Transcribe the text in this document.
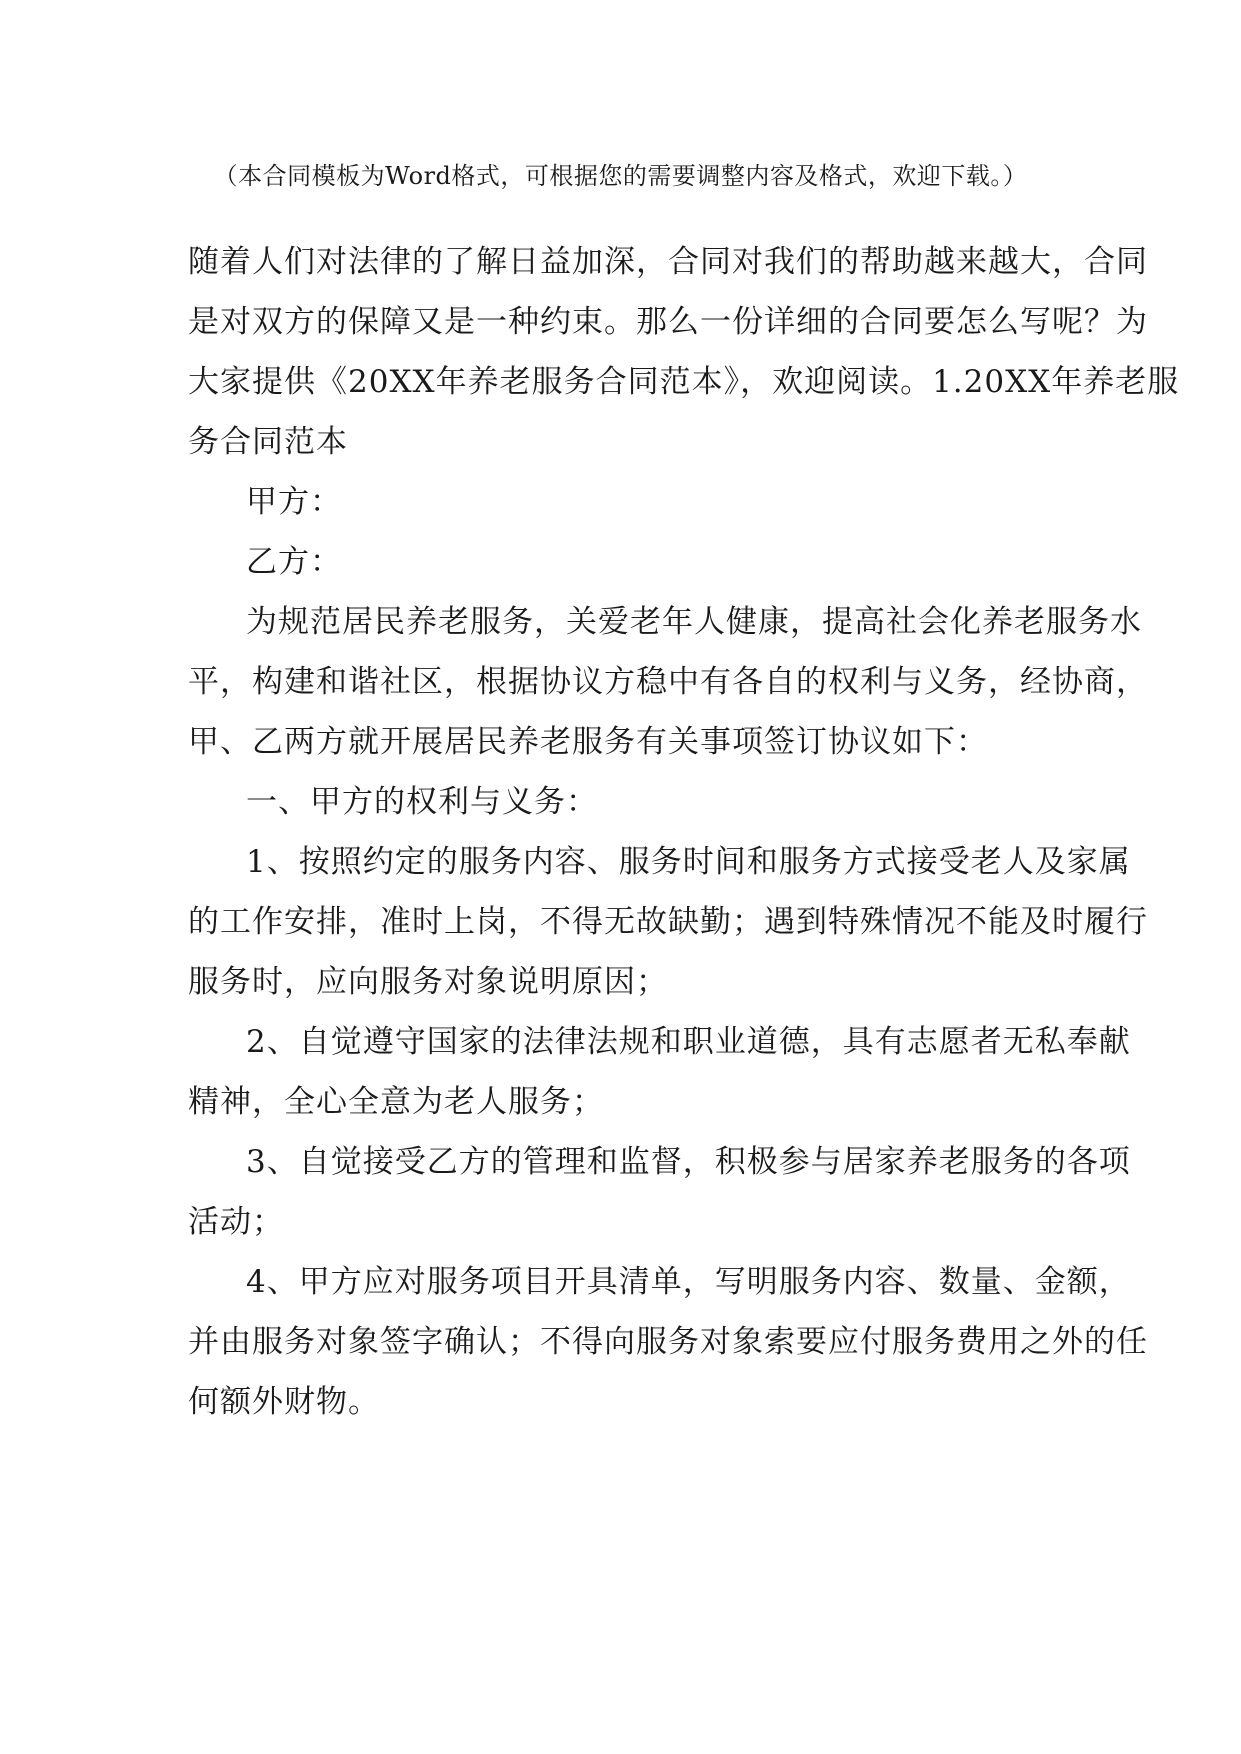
（本合同模板为Word格式，可根据您的需要调整内容及格式，欢迎下载。）
随着人们对法律的了解日益加深，合同对我们的帮助越来越大，合同
是对双方的保障又是一种约束。那么一份详细的合同要怎么写呢？为
大家提供《20XX年养老服务合同范本》，欢迎阅读。1.20XX年养老服
务合同范本
甲方：
乙方：
为规范居民养老服务，关爱老年人健康，提高社会化养老服务水
平，构建和谐社区，根据协议方稳中有各自的权利与义务，经协商，
甲、乙两方就开展居民养老服务有关事项签订协议如下：
一、甲方的权利与义务：
1、按照约定的服务内容、服务时间和服务方式接受老人及家属
的工作安排，准时上岗，不得无故缺勤；遇到特殊情况不能及时履行
服务时，应向服务对象说明原因；
2、自觉遵守国家的法律法规和职业道德，具有志愿者无私奉献
精神，全心全意为老人服务；
3、自觉接受乙方的管理和监督，积极参与居家养老服务的各项
活动；
4、甲方应对服务项目开具清单，写明服务内容、数量、金额，
并由服务对象签字确认；不得向服务对象索要应付服务费用之外的任
何额外财物。
